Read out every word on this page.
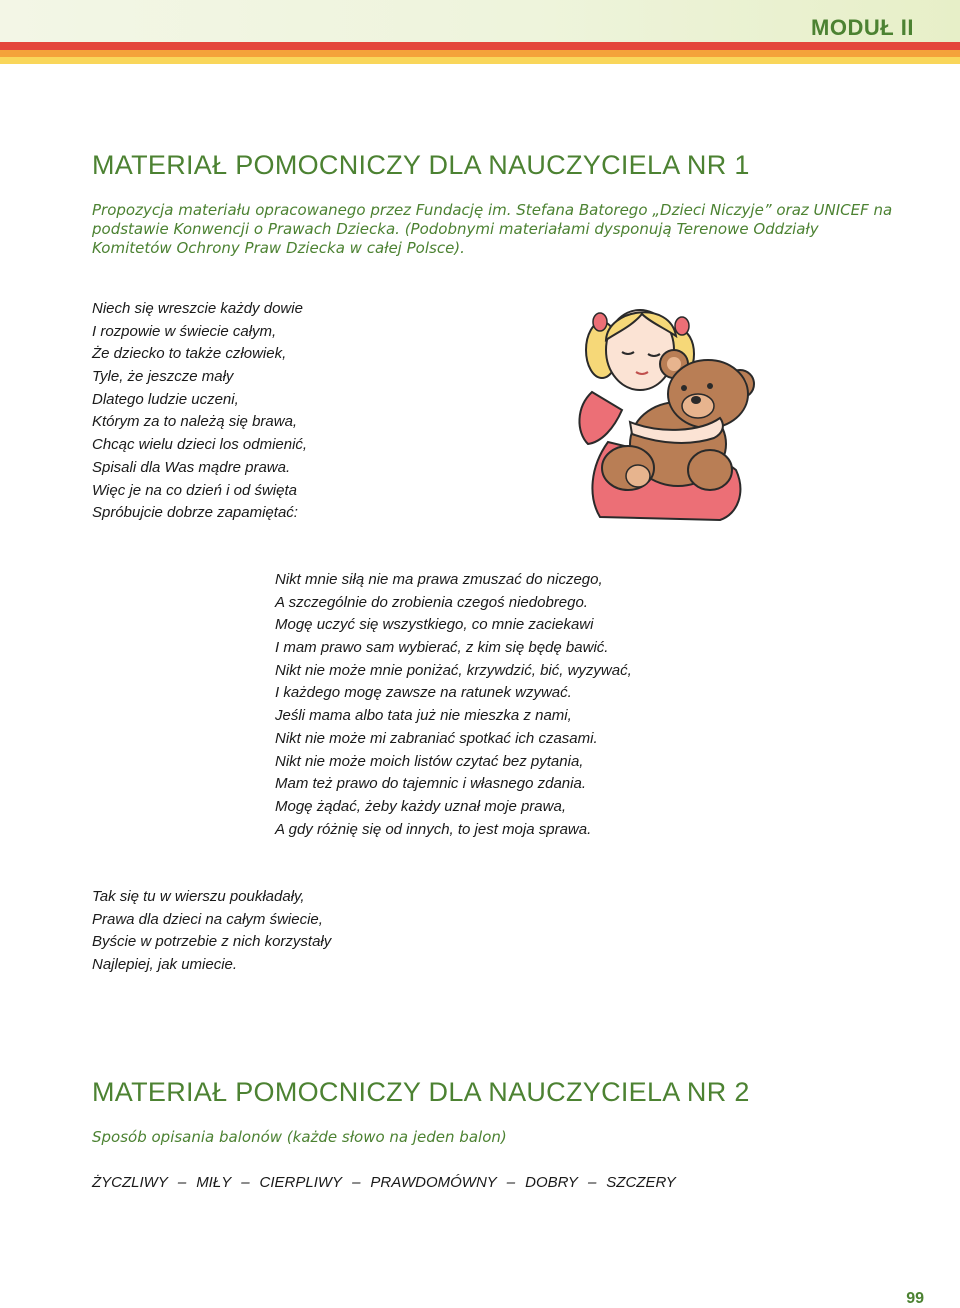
MODUŁ II
MATERIAŁ POMOCNICZY DLA NAUCZYCIELA NR 1

Propozycja materiału opracowanego przez Fundację im. Stefana Batorego „Dzieci Niczyje” oraz UNICEF na
podstawie Konwencji o Prawach Dziecka. (Podobnymi materiałami dysponują Terenowe Oddziały
Komitetów Ochrony Praw Dziecka w całej Polsce).

Niech się wreszcie każdy dowie
I rozpowie w świecie całym,
Że dziecko to także człowiek,
Tyle, że jeszcze mały
Dlatego ludzie uczeni,
Którym za to należą się brawa,
Chcąc wielu dzieci los odmienić,
Spisali dla Was mądre prawa.
Więc je na co dzień i od święta
Spróbujcie dobrze zapamiętać:
Nikt mnie siłą nie ma prawa zmuszać do niczego,
A szczególnie do zrobienia czegoś niedobrego.
Mogę uczyć się wszystkiego, co mnie zaciekawi
I mam prawo sam wybierać, z kim się będę bawić.
Nikt nie może mnie poniżać, krzywdzić, bić, wyzywać,
I każdego mogę zawsze na ratunek wzywać.
Jeśli mama albo tata już nie mieszka z nami,
Nikt nie może mi zabraniać spotkać ich czasami.
Nikt nie może moich listów czytać bez pytania,
Mam też prawo do tajemnic i własnego zdania.
Mogę żądać, żeby każdy uznał moje prawa,
A gdy różnię się od innych, to jest moja sprawa.
Tak się tu w wierszu poukładały,
Prawa dla dzieci na całym świecie,
Byście w potrzebie z nich korzystały
Najlepiej, jak umiecie.
MATERIAŁ POMOCNICZY DLA NAUCZYCIELA NR 2

Sposób opisania balonów (każde słowo na jeden balon)

ŻYCZLIWY – MIŁY – CIERPLIWY – PRAWDOMÓWNY – DOBRY – SZCZERY
99
